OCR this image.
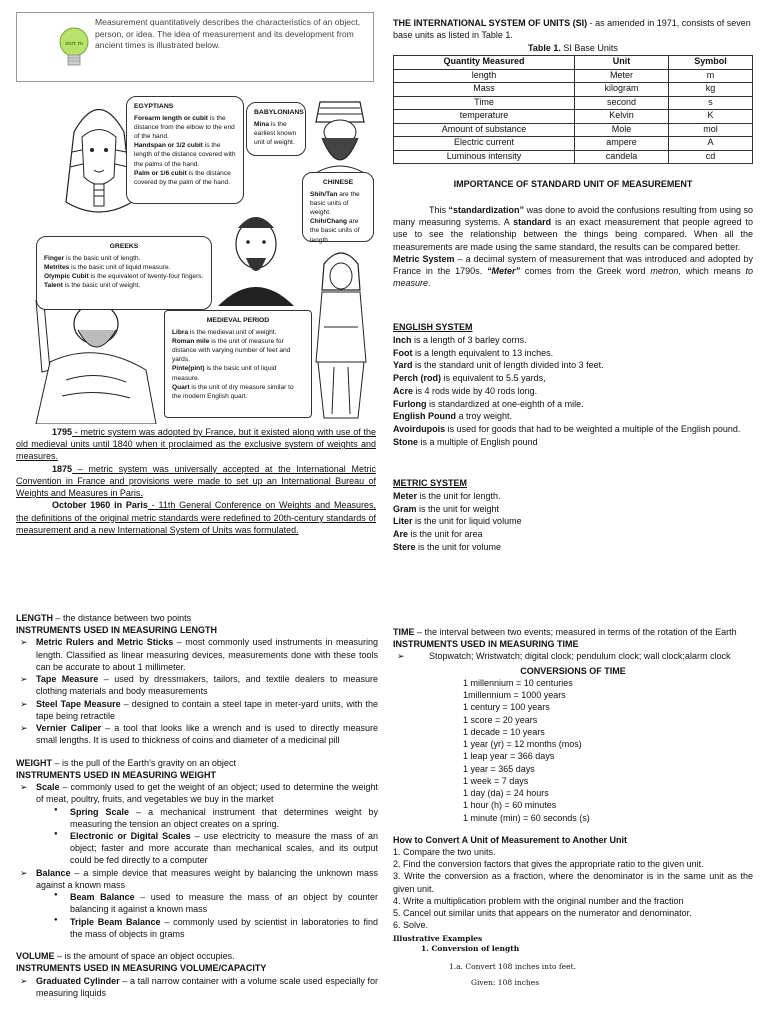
Measurement quantitatively describes the characteristics of an object, person, or idea. The idea of measurement and its development from ancient times is illustrated below.
sort m
EGYPTIANS
Forearm length or cubit is the distance from the elbow to the end of the hand.
Handspan or 1/2 cubit is the length of the distance covered with the palms of the hand.
Palm or 1/6 cubit is the distance covered by the palm of the hand.
BABYLONIANS
Mina is the earliest known unit of weight.
CHINESE
Shih/Tan are the basic units of weight.
Chih/Chang are the basic units of length
GREEKS
Finger is the basic unit of length.
Metrites is the basic unit of liquid measure.
Olympic Cubit is the equivalent of twenty-four fingers.
Talent is the basic unit of weight.
MEDIEVAL PERIOD
Libra is the medieval unit of weight.
Roman mile is the unit of measure for distance with varying number of feet and yards.
Pinte(pint) is the basic unit of liquid measure.
Quart is the unit of dry measure similar to the modern English quart.

1795 - metric system was adopted by France, but it existed along with use of the old medieval units until 1840 when it proclaimed as the exclusive system of weights and measures.

1875 – metric system was universally accepted at the International Metric Convention in France and provisions were made to set up an International Bureau of Weights and Measures in Paris.

October 1960 in Paris - 11th General Conference on Weights and Measures, the definitions of the original metric standards were redefined to 20th-century standards of measurement and a new International System of Units was formulated.

THE INTERNATIONAL SYSTEM OF UNITS (SI) - as amended in 1971, consists of seven base units as listed in Table 1.
Table 1. SI Base Units
Quantity Measured	Unit	Symbol
length	Meter	m
Mass	kilogram	kg
Time	second	s
temperature	Kelvin	K
Amount of substance	Mole	mol
Electric current	ampere	A
Luminous intensity	candela	cd
IMPORTANCE OF STANDARD UNIT OF MEASUREMENT

This “standardization” was done to avoid the confusions resulting from using so many measuring systems. A standard is an exact measurement that people agreed to use to see the relationship between the things being compared. When all the measurements are made using the same standard, the results can be compared better.

Metric System – a decimal system of measurement that was introduced and adopted by France in the 1790s. “Meter” comes from the Greek word metron, which means to measure.

ENGLISH SYSTEM
Inch is a length of 3 barley corns.
Foot is a length equivalent to 13 inches.
Yard is the standard unit of length divided into 3 feet.
Perch (rod) is equivalent to 5.5 yards,
Acre is 4 rods wide by 40 rods long.
Furlong is standardized at one-eighth of a mile.
English Pound a troy weight.
Avoirdupois is used for goods that had to be weighted a multiple of the English pound.
Stone is a multiple of English pound
METRIC SYSTEM
Meter is the unit for length.
Gram is the unit for weight
Liter is the unit for liquid volume
Are is the unit for area
Stere is the unit for volume
LENGTH – the distance between two points
INSTRUMENTS USED IN MEASURING LENGTH
➢ Metric Rulers and Metric Sticks – most commonly used instruments in measuring length. Classified as linear measuring devices, measurements done with these tools can be accurate to about 1 millimeter.
➢ Tape Measure – used by dressmakers, tailors, and textile dealers to measure clothing materials and body measurements
➢ Steel Tape Measure – designed to contain a steel tape in meter-yard units, with the tape being retractile
➢ Vernier Caliper – a tool that looks like a wrench and is used to directly measure small lengths. It is used to thickness of coins and diameter of a medicinal pill
WEIGHT – is the pull of the Earth’s gravity on an object
INSTRUMENTS USED IN MEASURING WEIGHT
➢ Scale – commonly used to get the weight of an object; used to determine the weight of meat, poultry, fruits, and vegetables we buy in the market
● Spring Scale – a mechanical instrument that determines weight by measuring the tension an object creates on a spring.
● Electronic or Digital Scales – use electricity to measure the mass of an object; faster and more accurate than mechanical scales, and its output could be fed directly to a computer
➢ Balance – a simple device that measures weight by balancing the unknown mass against a known mass
● Beam Balance – used to measure the mass of an object by counter balancing it against a known mass
● Triple Beam Balance – commonly used by scientist in laboratories to find the mass of objects in grams
VOLUME – is the amount of space an object occupies.
INSTRUMENTS USED IN MEASURING VOLUME/CAPACITY
➢ Graduated Cylinder – a tall narrow container with a volume scale used especially for measuring liquids
TIME – the interval between two events; measured in terms of the rotation of the Earth
INSTRUMENTS USED IN MEASURING TIME
➢ Stopwatch; Wristwatch; digital clock; pendulum clock; wall clock;alarm clock
CONVERSIONS OF TIME
1 millennium = 10 centuries
1millennium = 1000 years
1 century = 100 years
1 score = 20 years
1 decade = 10 years
1 year (yr) = 12 months (mos)
1 leap year = 366 days
1 year = 365 days
1 week = 7 days
1 day (da) = 24 hours
1 hour (h) = 60 minutes
1 minute (min) = 60 seconds (s)
How to Convert A Unit of Measurement to Another Unit
1. Compare the two units.
2. Find the conversion factors that gives the appropriate ratio to the given unit.
3. Write the conversion as a fraction, where the denominator is in the same unit as the given unit.
4. Write a multiplication problem with the original number and the fraction
5. Cancel out similar units that appears on the numerator and denominator.
6. Solve.
Illustrative Examples
1. Conversion of length
1.a. Convert 108 inches into feet.
Given: 108 inches
